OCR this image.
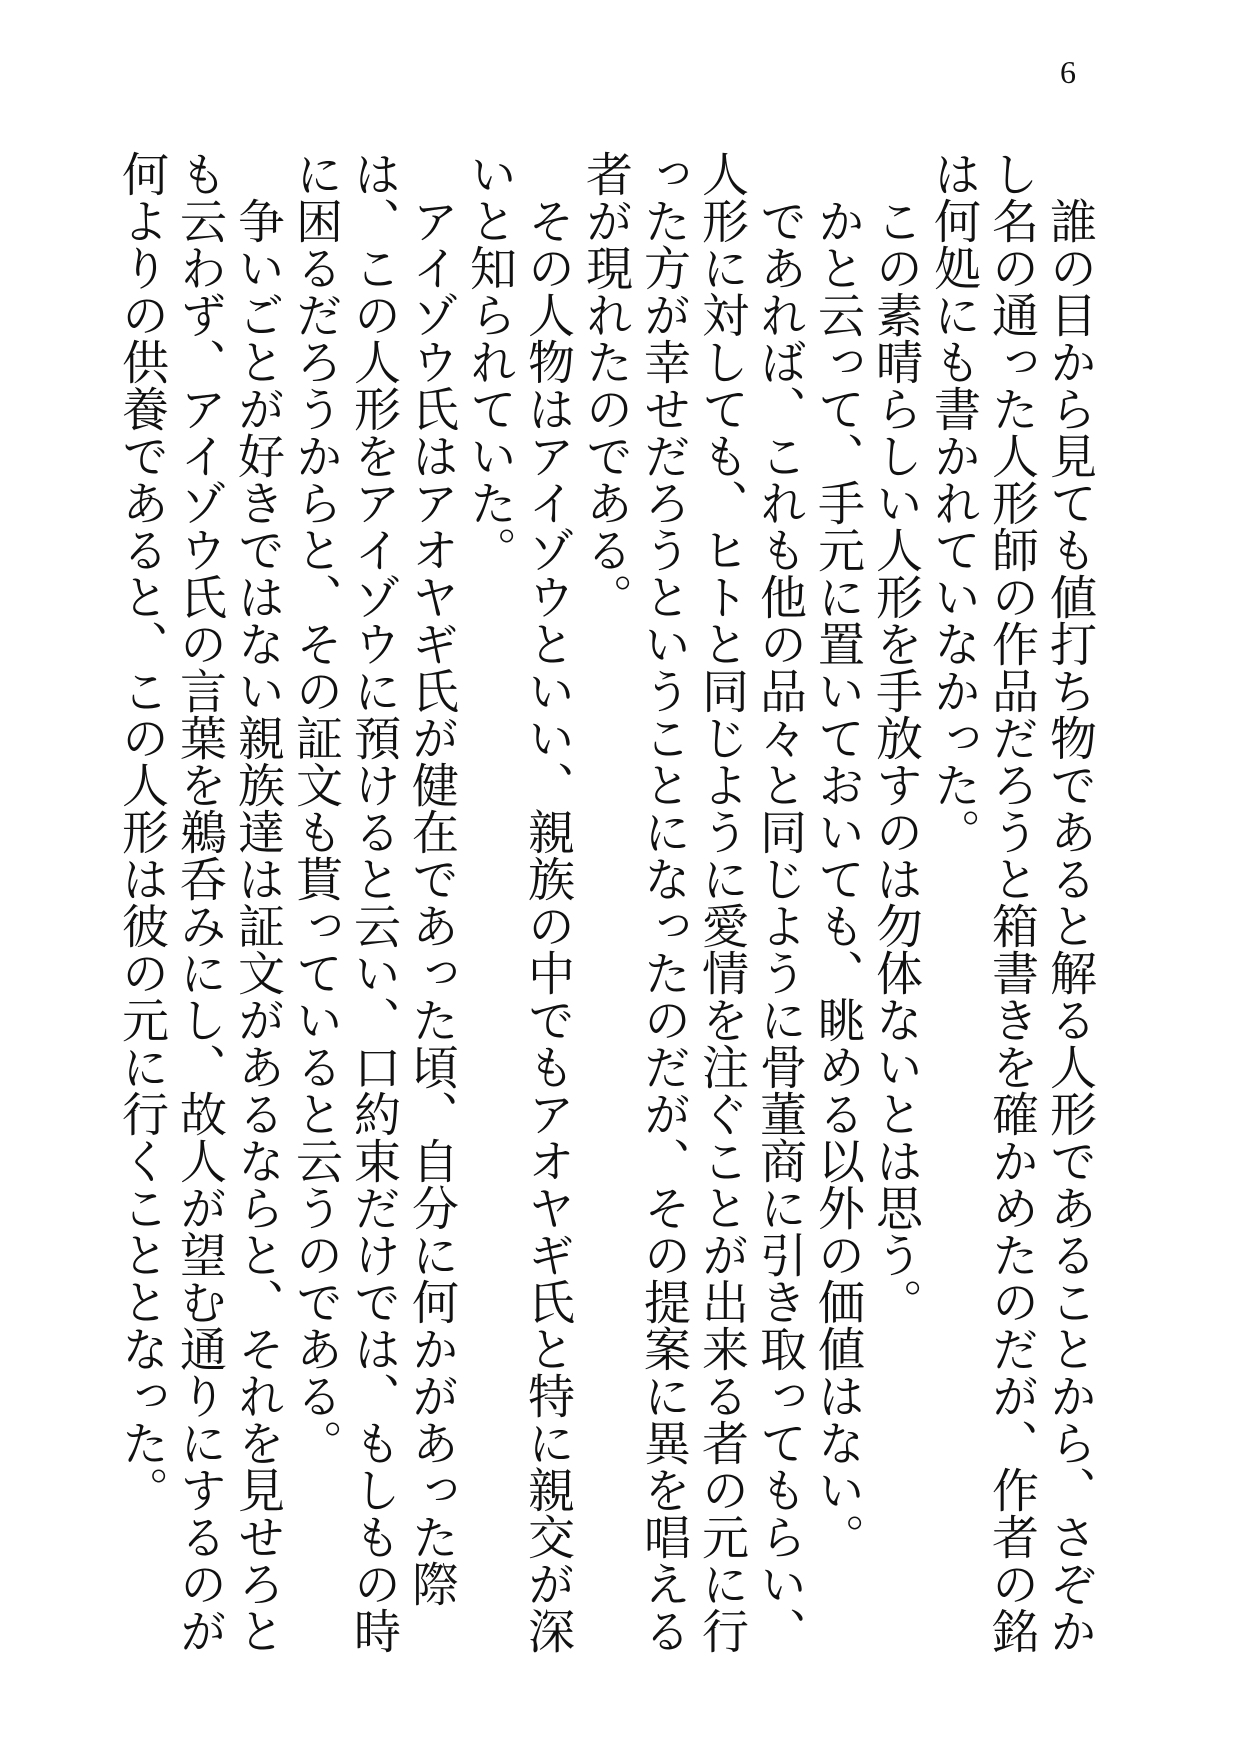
6

　誰の目から見ても値打ち物であると解る人形であることから、さぞかし名の通った人形師の作品だろうと箱書きを確かめたのだが、作者の銘は何処にも書かれていなかった。

　この素晴らしい人形を手放すのは勿体ないとは思う。

　かと云って、手元に置いておいても、眺める以外の価値はない。

　であれば、これも他の品々と同じように骨董商に引き取ってもらい、人形に対しても、ヒトと同じように愛情を注ぐことが出来る者の元に行った方が幸せだろうということになったのだが、その提案に異を唱える者が現れたのである。

　その人物はアイゾウといい、親族の中でもアオヤギ氏と特に親交が深いと知られていた。

　アイゾウ氏はアオヤギ氏が健在であった頃、自分に何かがあった際は、この人形をアイゾウに預けると云い、口約束だけでは、もしもの時に困るだろうからと、その証文も貰っていると云うのである。

　争いごとが好きではない親族達は証文があるならと、それを見せろとも云わず、アイゾウ氏の言葉を鵜呑みにし、故人が望む通りにするのが何よりの供養であると、この人形は彼の元に行くこととなった。
